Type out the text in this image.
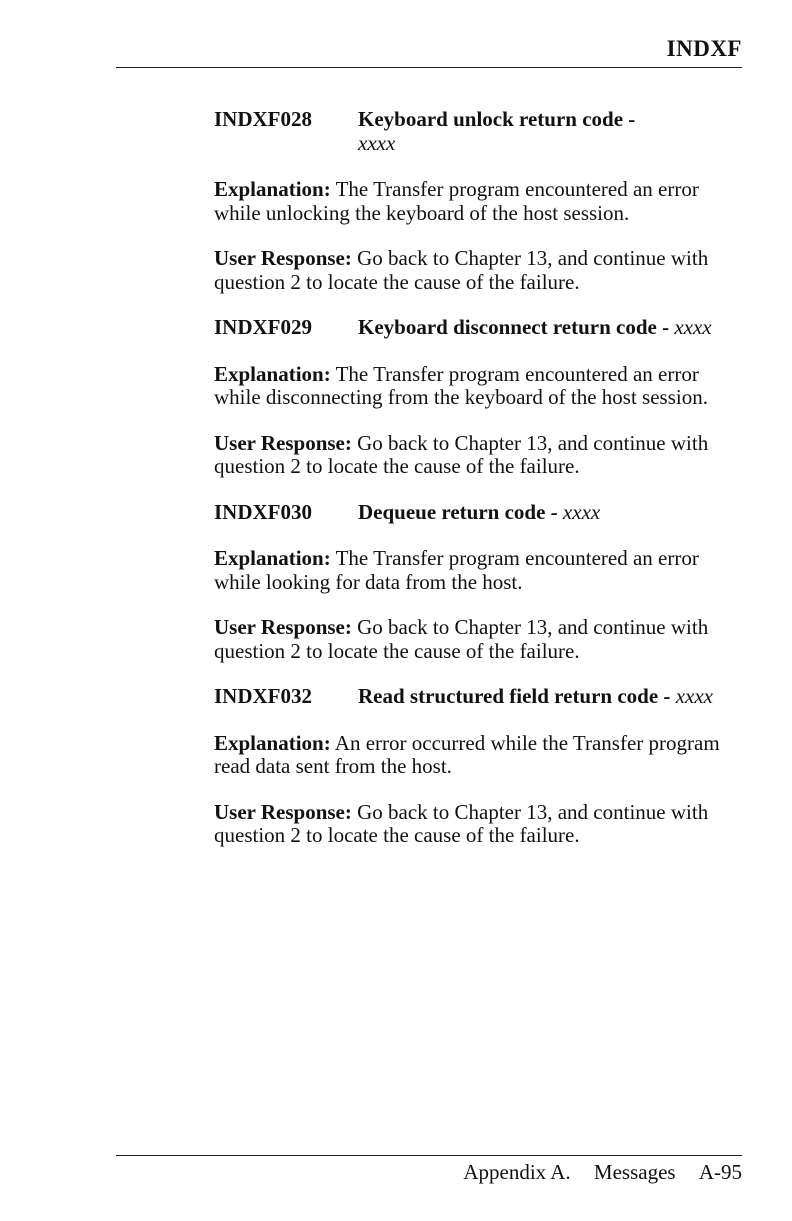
INDXF
INDXF028	Keyboard unlock return code -
xxxx

Explanation: The Transfer program encountered an error while unlocking the keyboard of the host session.

User Response: Go back to Chapter 13, and continue with question 2 to locate the cause of the failure.

INDXF029	Keyboard disconnect return code - xxxx

Explanation: The Transfer program encountered an error while disconnecting from the keyboard of the host session.

User Response: Go back to Chapter 13, and continue with question 2 to locate the cause of the failure.

INDXF030	Dequeue return code - xxxx

Explanation: The Transfer program encountered an error while looking for data from the host.

User Response: Go back to Chapter 13, and continue with question 2 to locate the cause of the failure.

INDXF032	Read structured field return code - xxxx

Explanation: An error occurred while the Transfer program read data sent from the host.

User Response: Go back to Chapter 13, and continue with question 2 to locate the cause of the failure.

Appendix A. Messages A-95
